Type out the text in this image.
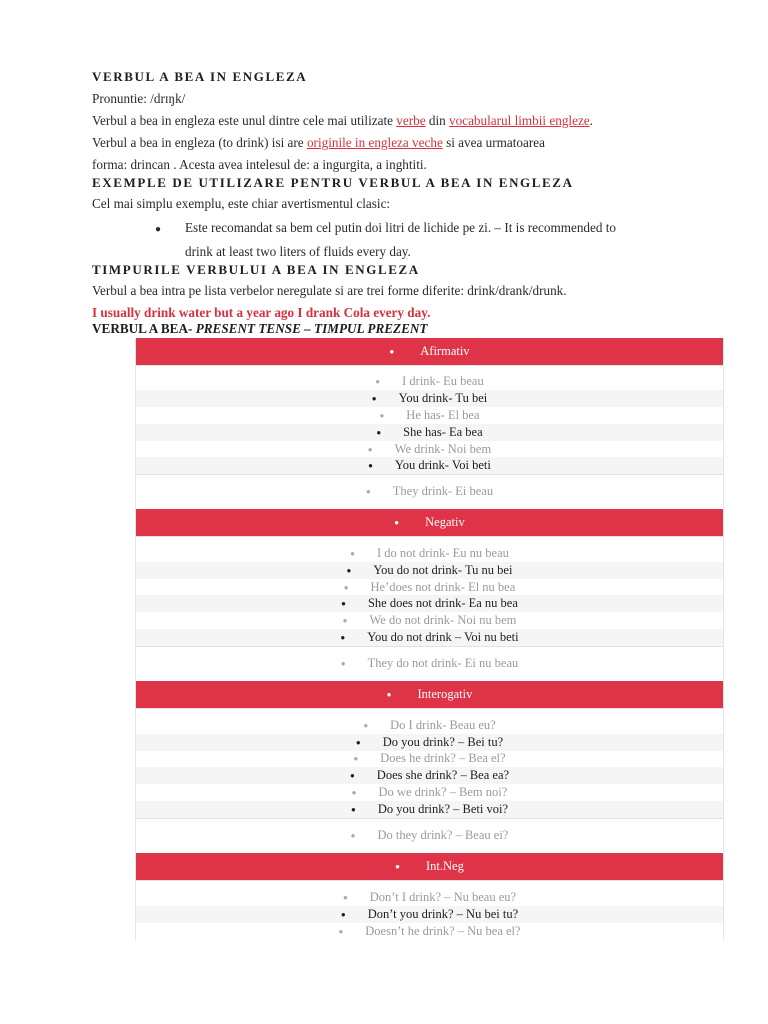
VERBUL A BEA IN ENGLEZA
Pronuntie: /drɪŋk/
Verbul a bea in engleza este unul dintre cele mai utilizate verbe din vocabularul limbii engleze.
Verbul a bea in engleza (to drink) isi are originile in engleza veche si avea urmatoarea
forma: drincan . Acesta avea intelesul de: a ingurgita, a inghtiti.
EXEMPLE DE UTILIZARE PENTRU VERBUL A BEA IN ENGLEZA
Cel mai simplu exemplu, este chiar avertismentul clasic:
● Este recomandat sa bem cel putin doi litri de lichide pe zi. – It is recommended to
drink at least two liters of fluids every day.
TIMPURILE VERBULUI A BEA IN ENGLEZA
Verbul a bea intra pe lista verbelor neregulate si are trei forme diferite: drink/drank/drunk.
I usually drink water but a year ago I drank Cola every day.
VERBUL A BEA- PRESENT TENSE – TIMPUL PREZENT
● Afirmativ
● I drink- Eu beau
● You drink- Tu bei
● He has- El bea
● She has- Ea bea
● We drink- Noi bem
● You drink- Voi beti
● They drink- Ei beau
● Negativ
● I do not drink- Eu nu beau
● You do not drink- Tu nu bei
● He’does not drink- El nu bea
● She does not drink- Ea nu bea
● We do not drink- Noi nu bem
● You do not drink – Voi nu beti
● They do not drink- Ei nu beau
● Interogativ
● Do I drink- Beau eu?
● Do you drink? – Bei tu?
● Does he drink? – Bea el?
● Does she drink? – Bea ea?
● Do we drink? – Bem noi?
● Do you drink? – Beti voi?
● Do they drink? – Beau ei?
● Int.Neg
● Don’t I drink? – Nu beau eu?
● Don’t you drink? – Nu bei tu?
● Doesn’t he drink? – Nu bea el?
